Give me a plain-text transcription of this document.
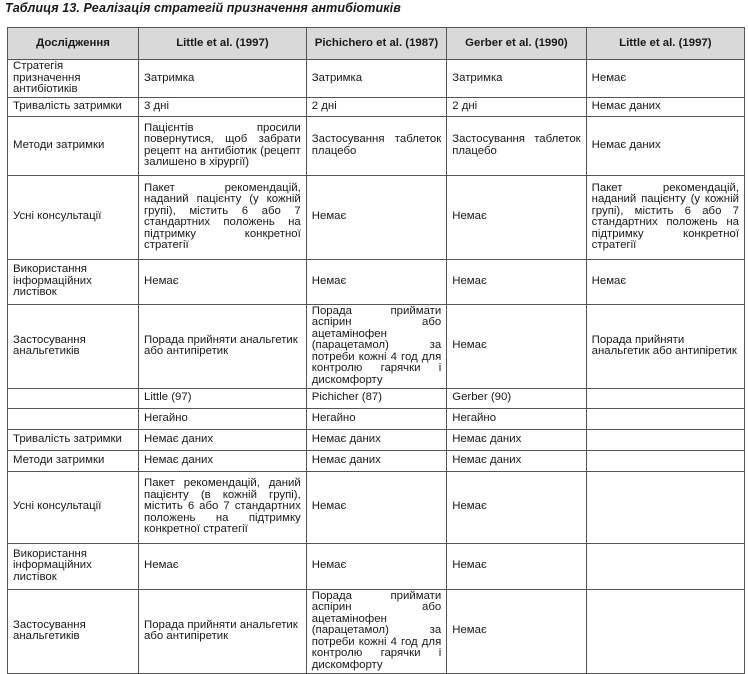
Таблиця 13. Реалізація стратегій призначення антибіотиків
Дослідження	Little et al. (1997)	Pichichero et al. (1987)	Gerber et al. (1990)	Little et al. (1997)
Стратегія призначення антибіотиків	Затримка	Затримка	Затримка	Немає
Тривалість затримки	3 дні	2 дні	2 дні	Немає даних
Методи затримки	Пацієнтів просили повернутися, щоб забрати рецепт на антибіотик (рецепт залишено в хірургії)	Застосування таблеток плацебо	Застосування таблеток плацебо	Немає даних
Усні консультації	Пакет рекомендацій, наданий пацієнту (у кожній групі), містить 6 або 7 стандартних положень на підтримку конкретної стратегії	Немає	Немає	Пакет рекомендацій, наданий пацієнту (у кожній групі), містить 6 або 7 стандартних положень на підтримку конкретної стратегії
Використання інформаційних листівок	Немає	Немає	Немає	Немає
Застосування анальгетиків	Порада прийняти анальгетик або антипіретик	Порада приймати аспірин або ацетамінофен (парацетамол) за потреби кожні 4 год для контролю гарячки і дискомфорту	Немає	Порада прийняти анальгетик або антипіретик
	Little (97)	Pichicher (87)	Gerber (90)	
	Негайно	Негайно	Негайно	
Тривалість затримки	Немає даних	Немає даних	Немає даних	
Методи затримки	Немає даних	Немає даних	Немає даних	
Усні консультації	Пакет рекомендацій, даний пацієнту (в кожній групі), містить 6 або 7 стандартних положень на підтримку конкретної стратегії	Немає	Немає	
Використання інформаційних листівок	Немає	Немає	Немає	
Застосування анальгетиків	Порада прийняти анальгетик або антипіретик	Порада приймати аспірин або ацетамінофен (парацетамол) за потреби кожні 4 год для контролю гарячки і дискомфорту	Немає	
